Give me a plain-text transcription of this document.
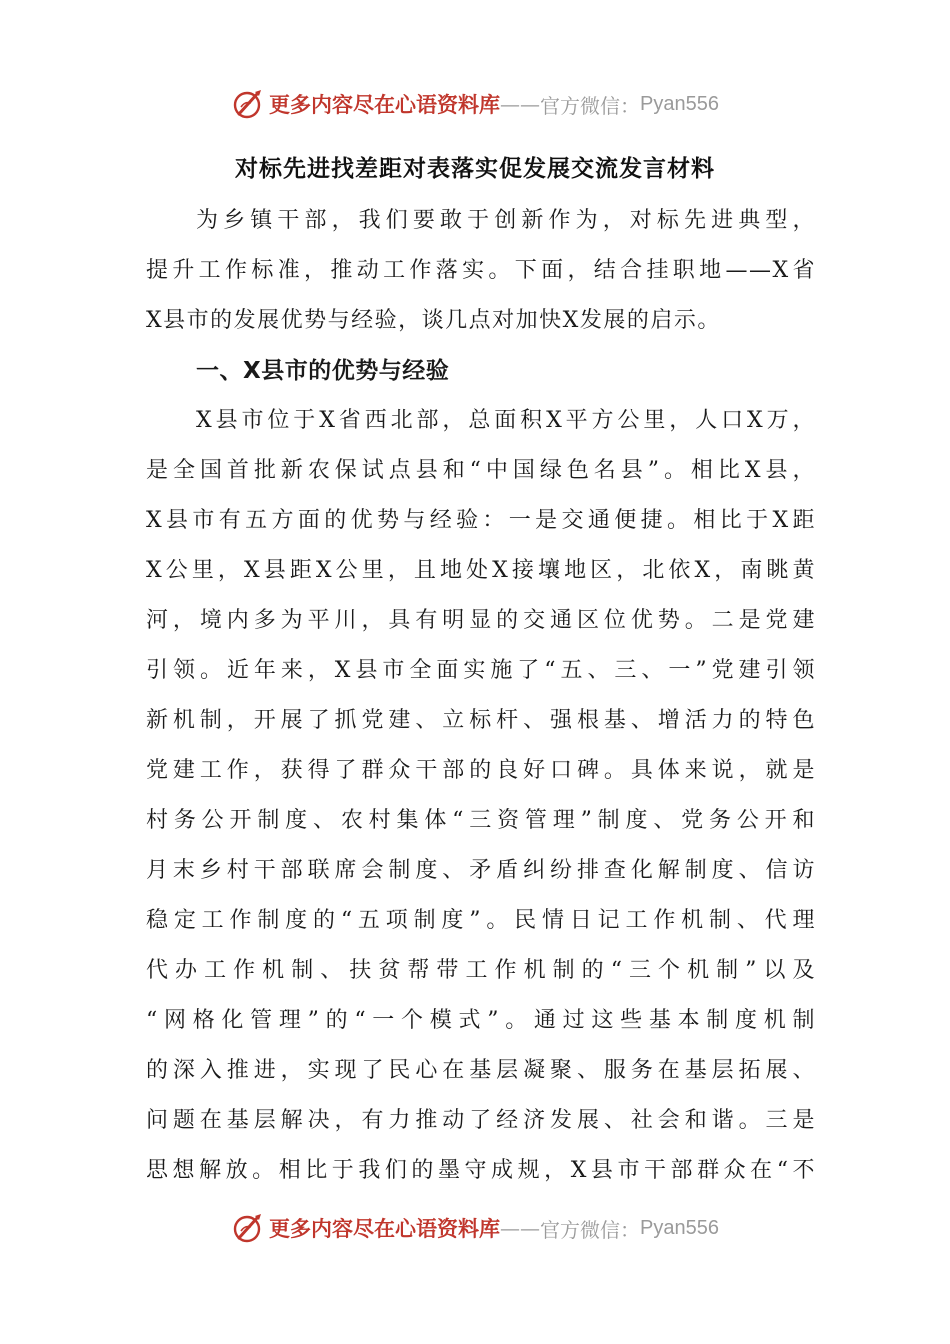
更多内容尽在心语资料库 —— 官方微信： Pyan556
对标先进找差距对表落实促发展交流发言材料
为乡镇干部，我们要敢于创新作为，对标先进典型，
提升工作标准，推动工作落实。下面，结合挂职地——X省
X县市的发展优势与经验，谈几点对加快X发展的启示。
一、X县市的优势与经验
X县市位于X省西北部，总面积X平方公里，人口X万，
是全国首批新农保试点县和“中国绿色名县”。相比X县，
X县市有五方面的优势与经验：一是交通便捷。相比于X距
X公里，X县距X公里，且地处X接壤地区，北依X，南眺黄
河，境内多为平川，具有明显的交通区位优势。二是党建
引领。近年来，X县市全面实施了“五、三、一”党建引领
新机制，开展了抓党建、立标杆、强根基、增活力的特色
党建工作，获得了群众干部的良好口碑。具体来说，就是
村务公开制度、农村集体“三资管理”制度、党务公开和
月末乡村干部联席会制度、矛盾纠纷排查化解制度、信访
稳定工作制度的“五项制度”。民情日记工作机制、代理
代办工作机制、扶贫帮带工作机制的“三个机制”以及
“网格化管理”的“一个模式”。通过这些基本制度机制
的深入推进，实现了民心在基层凝聚、服务在基层拓展、
问题在基层解决，有力推动了经济发展、社会和谐。三是
思想解放。相比于我们的墨守成规，X县市干部群众在“不
更多内容尽在心语资料库 —— 官方微信： Pyan556
